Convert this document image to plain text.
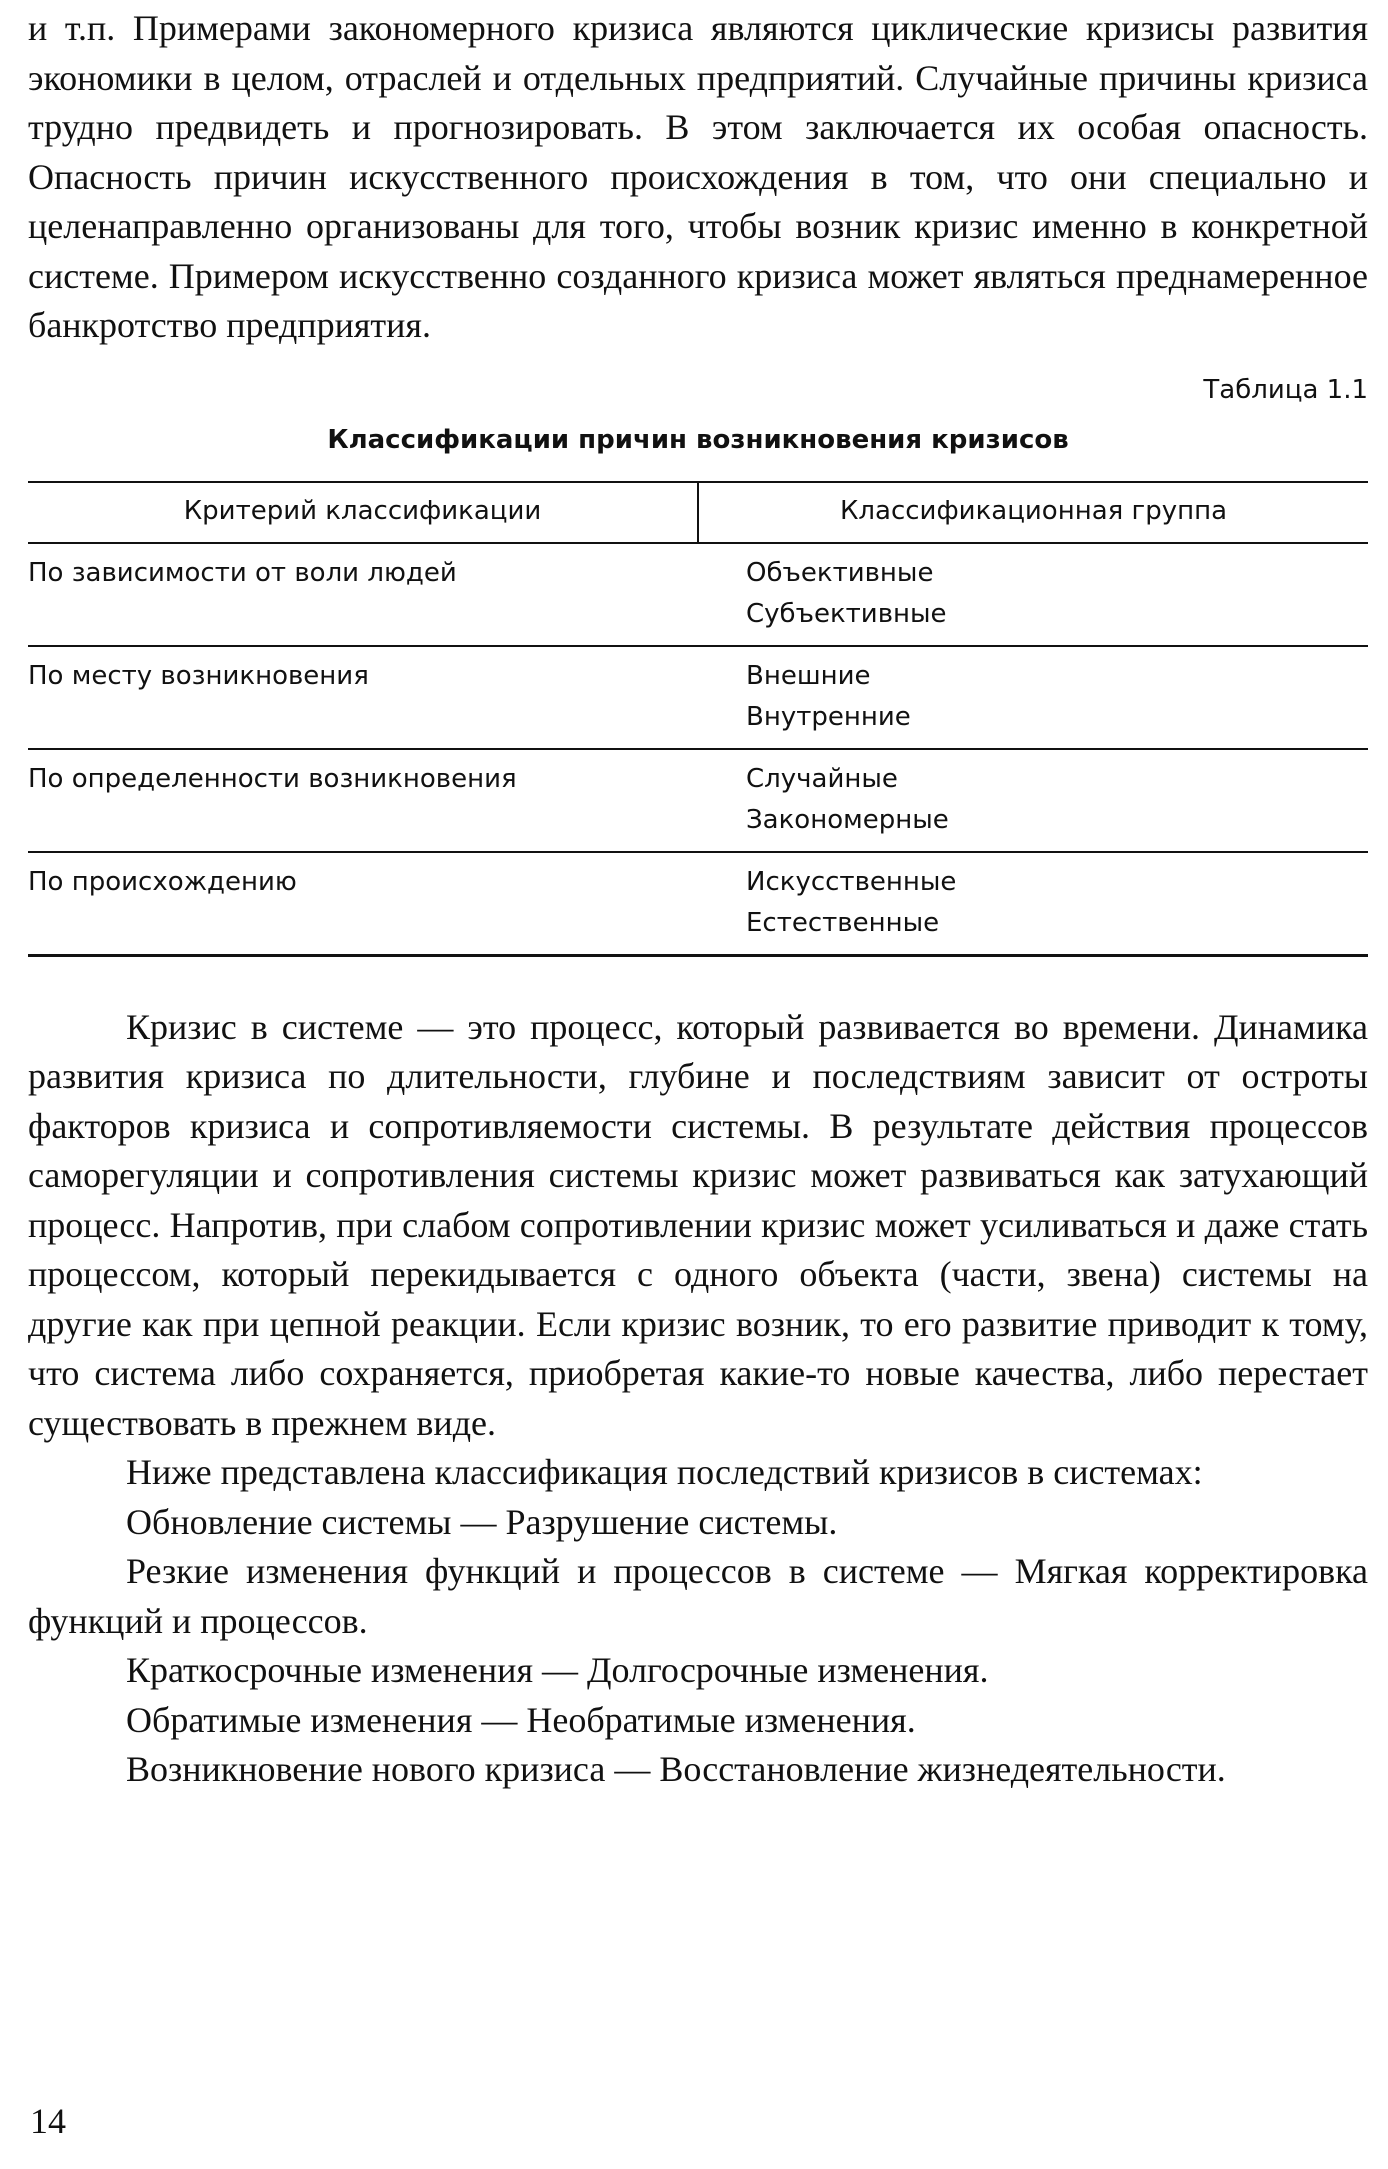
и т.п. Примерами закономерного кризиса являются циклические кризисы развития экономики в целом, отраслей и отдельных предприятий. Случайные причины кризиса трудно предвидеть и прогнозировать. В этом заключается их особая опасность. Опасность причин искусственного происхождения в том, что они специально и целенаправленно организованы для того, чтобы возник кризис именно в конкретной системе. Примером искусственно созданного кризиса может являться преднамеренное банкротство предприятия.

Таблица 1.1

Классификации причин возникновения кризисов

Критерий классификации	Классификационная группа
По зависимости от воли людей	Объективные
Субъективные

По месту возникновения	Внешние
Внутренние

По определенности возникновения	Случайные
Закономерные

По происхождению	Искусственные
Естественные

Кризис в системе — это процесс, который развивается во времени. Динамика развития кризиса по длительности, глубине и последствиям зависит от остроты факторов кризиса и сопротивляемости системы. В результате действия процессов саморегуляции и сопротивления системы кризис может развиваться как затухающий процесс. Напротив, при слабом сопротивлении кризис может усиливаться и даже стать процессом, который перекидывается с одного объекта (части, звена) системы на другие как при цепной реакции. Если кризис возник, то его развитие приводит к тому, что система либо сохраняется, приобретая какие-то новые качества, либо перестает существовать в прежнем виде.

Ниже представлена классификация последствий кризисов в системах:

Обновление системы — Разрушение системы.

Резкие изменения функций и процессов в системе — Мягкая корректировка функций и процессов.

Краткосрочные изменения — Долгосрочные изменения.

Обратимые изменения — Необратимые изменения.

Возникновение нового кризиса — Восстановление жизнедеятельности.

14
